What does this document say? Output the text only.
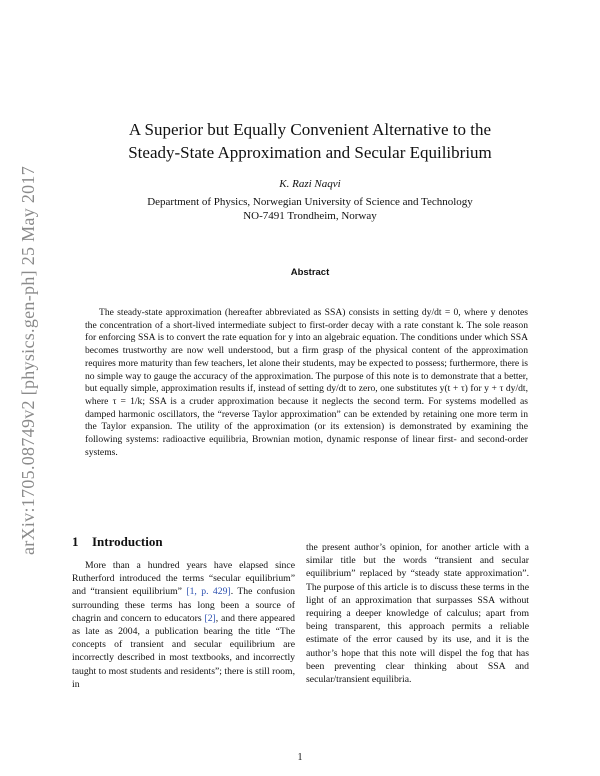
arXiv:1705.08749v2 [physics.gen-ph] 25 May 2017
A Superior but Equally Convenient Alternative to the
Steady-State Approximation and Secular Equilibrium
K. Razi Naqvi
Department of Physics, Norwegian University of Science and Technology
NO-7491 Trondheim, Norway
Abstract

The steady-state approximation (hereafter abbreviated as SSA) consists in setting dy/dt = 0, where y denotes the concentration of a short-lived intermediate subject to first-order decay with a rate constant k. The sole reason for enforcing SSA is to convert the rate equation for y into an algebraic equation. The conditions under which SSA becomes trustworthy are now well understood, but a firm grasp of the physical content of the approximation requires more maturity than few teachers, let alone their students, may be expected to possess; furthermore, there is no simple way to gauge the accuracy of the approximation. The purpose of this note is to demonstrate that a better, but equally simple, approximation results if, instead of setting dy/dt to zero, one substitutes y(t + τ) for y + τ dy/dt, where τ = 1/k; SSA is a cruder approximation because it neglects the second term. For systems modelled as damped harmonic oscillators, the “reverse Taylor approximation” can be extended by retaining one more term in the Taylor expansion. The utility of the approximation (or its extension) is demonstrated by examining the following systems: radioactive equilibria, Brownian motion, dynamic response of linear first- and second-order systems.

1 Introduction

More than a hundred years have elapsed since Rutherford introduced the terms “secular equilibrium” and “transient equilibrium” [1, p. 429]. The confusion surrounding these terms has long been a source of chagrin and concern to educators [2], and there appeared as late as 2004, a publication bearing the title “The concepts of transient and secular equilibrium are incorrectly described in most textbooks, and incorrectly taught to most students and residents”; there is still room, in

the present author’s opinion, for another article with a similar title but the words “transient and secular equilibrium” replaced by “steady state approximation”. The purpose of this article is to discuss these terms in the light of an approximation that surpasses SSA without requiring a deeper knowledge of calculus; apart from being transparent, this approach permits a reliable estimate of the error caused by its use, and it is the author’s hope that this note will dispel the fog that has been preventing clear thinking about SSA and secular/transient equilibria.

1
